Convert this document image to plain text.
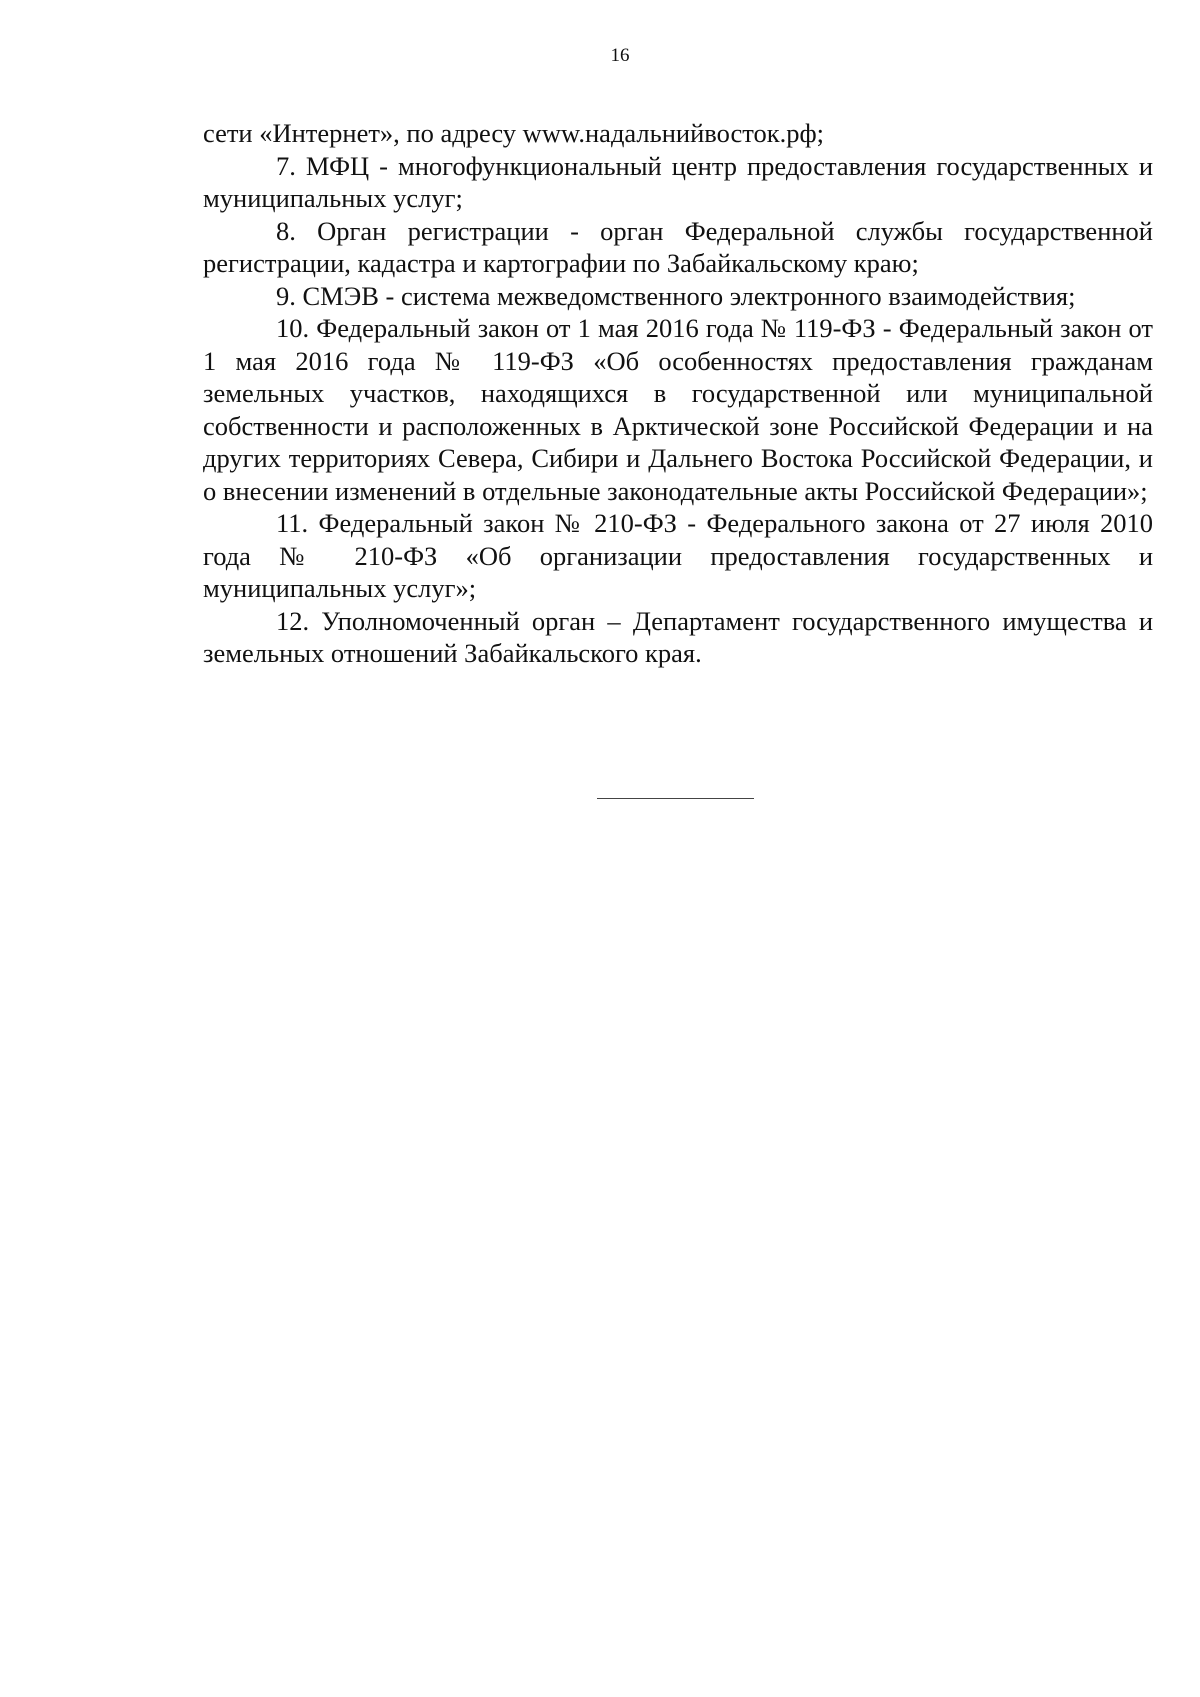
16

сети «Интернет», по адресу www.надальнийвосток.рф;

7. МФЦ - многофункциональный центр предоставления государственных и муниципальных услуг;

8. Орган регистрации - орган Федеральной службы государственной регистрации, кадастра и картографии по Забайкальскому краю;

9. СМЭВ - система межведомственного электронного взаимодействия;

10. Федеральный закон от 1 мая 2016 года № 119-ФЗ - Федеральный закон от 1 мая 2016 года № 119-ФЗ «Об особенностях предоставления гражданам земельных участков, находящихся в государственной или муниципальной собственности и расположенных в Арктической зоне Российской Федерации и на других территориях Севера, Сибири и Дальнего Востока Российской Федерации, и о внесении изменений в отдельные законодательные акты Российской Федерации»;

11. Федеральный закон № 210-ФЗ - Федерального закона от 27 июля 2010 года № 210-ФЗ «Об организации предоставления государственных и муниципальных услуг»;

12. Уполномоченный орган – Департамент государственного имущества и земельных отношений Забайкальского края.
